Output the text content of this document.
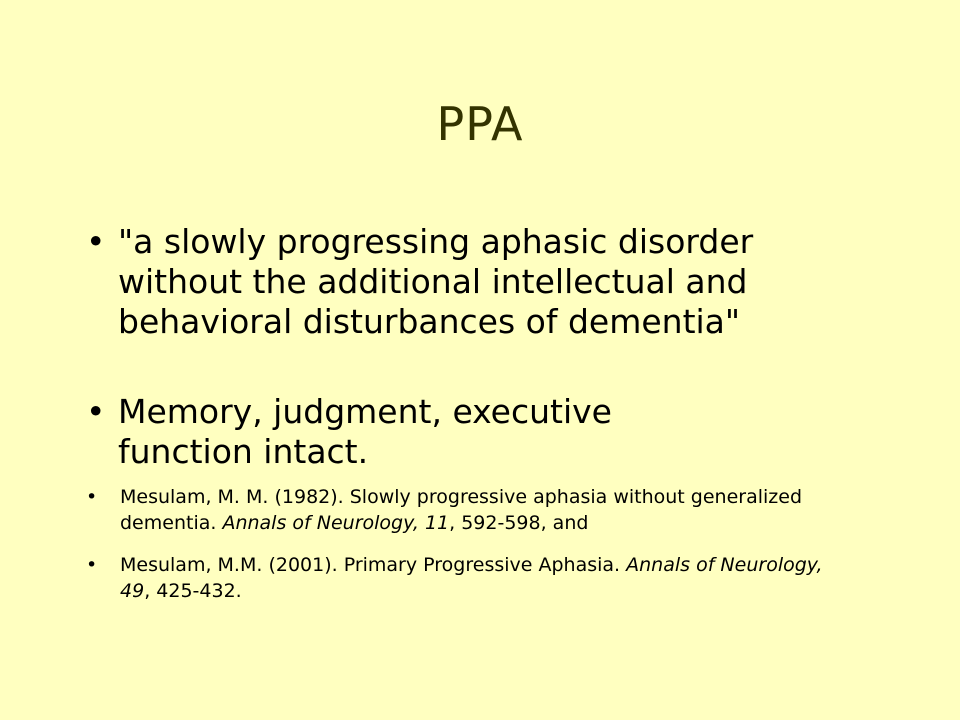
PPA
• "a slowly progressing aphasic disorder without the additional intellectual and behavioral disturbances of dementia"
• Memory, judgment, executive function intact.
•	Mesulam, M. M. (1982). Slowly progressive aphasia without generalized dementia. Annals of Neurology, 11, 592-598, and
•	Mesulam, M.M. (2001). Primary Progressive Aphasia. Annals of Neurology, 49, 425-432.
